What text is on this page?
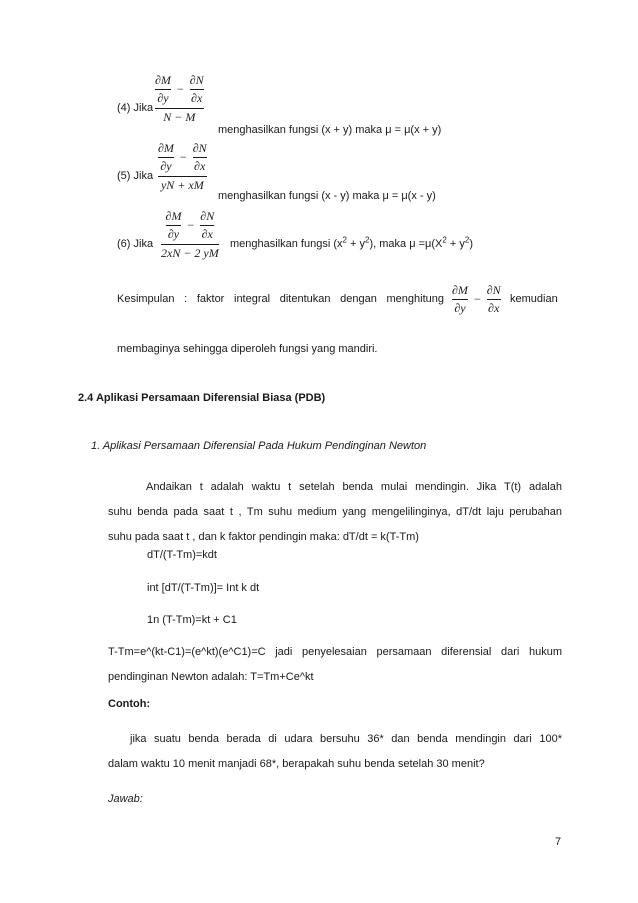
(4) Jika
∂M
∂y
−
∂N
∂x
N − M
menghasilkan fungsi (x + y) maka μ = μ(x + y)
(5) Jika
∂M
∂y
−
∂N
∂x
yN + xM
menghasilkan fungsi (x - y) maka μ = μ(x - y)
(6) Jika
∂M
∂y
−
∂N
∂x
2xN − 2 yM
menghasilkan fungsi $(x^2 + y^2)$, maka $\mu =\mu(X^2 + y^2)$
Kesimpulan : faktor integral ditentukan dengan menghitung
∂M
∂y
−
∂N
∂x
kemudian
membaginya sehingga diperoleh fungsi yang mandiri.
2.4 Aplikasi Persamaan Diferensial Biasa (PDB)
1. Aplikasi Persamaan Diferensial Pada Hukum Pendinginan Newton
Andaikan t adalah waktu t setelah benda mulai mendingin. Jika T(t) adalah
suhu benda pada saat t , Tm suhu medium yang mengelilinginya, dT/dt laju perubahan
suhu pada saat t , dan k faktor pendingin maka: dT/dt = k(T-Tm)
dT/(T-Tm)=kdt
int [dT/(T-Tm)]= Int k dt
1n (T-Tm)=kt + C1
T-Tm=e^(kt-C1)=(e^kt)(e^C1)=C jadi penyelesaian persamaan diferensial dari hukum
pendinginan Newton adalah: T=Tm+Ce^kt
Contoh:
jika suatu benda berada di udara bersuhu 36* dan benda mendingin dari 100*
dalam waktu 10 menit manjadi 68*, berapakah suhu benda setelah 30 menit?
Jawab:
7
